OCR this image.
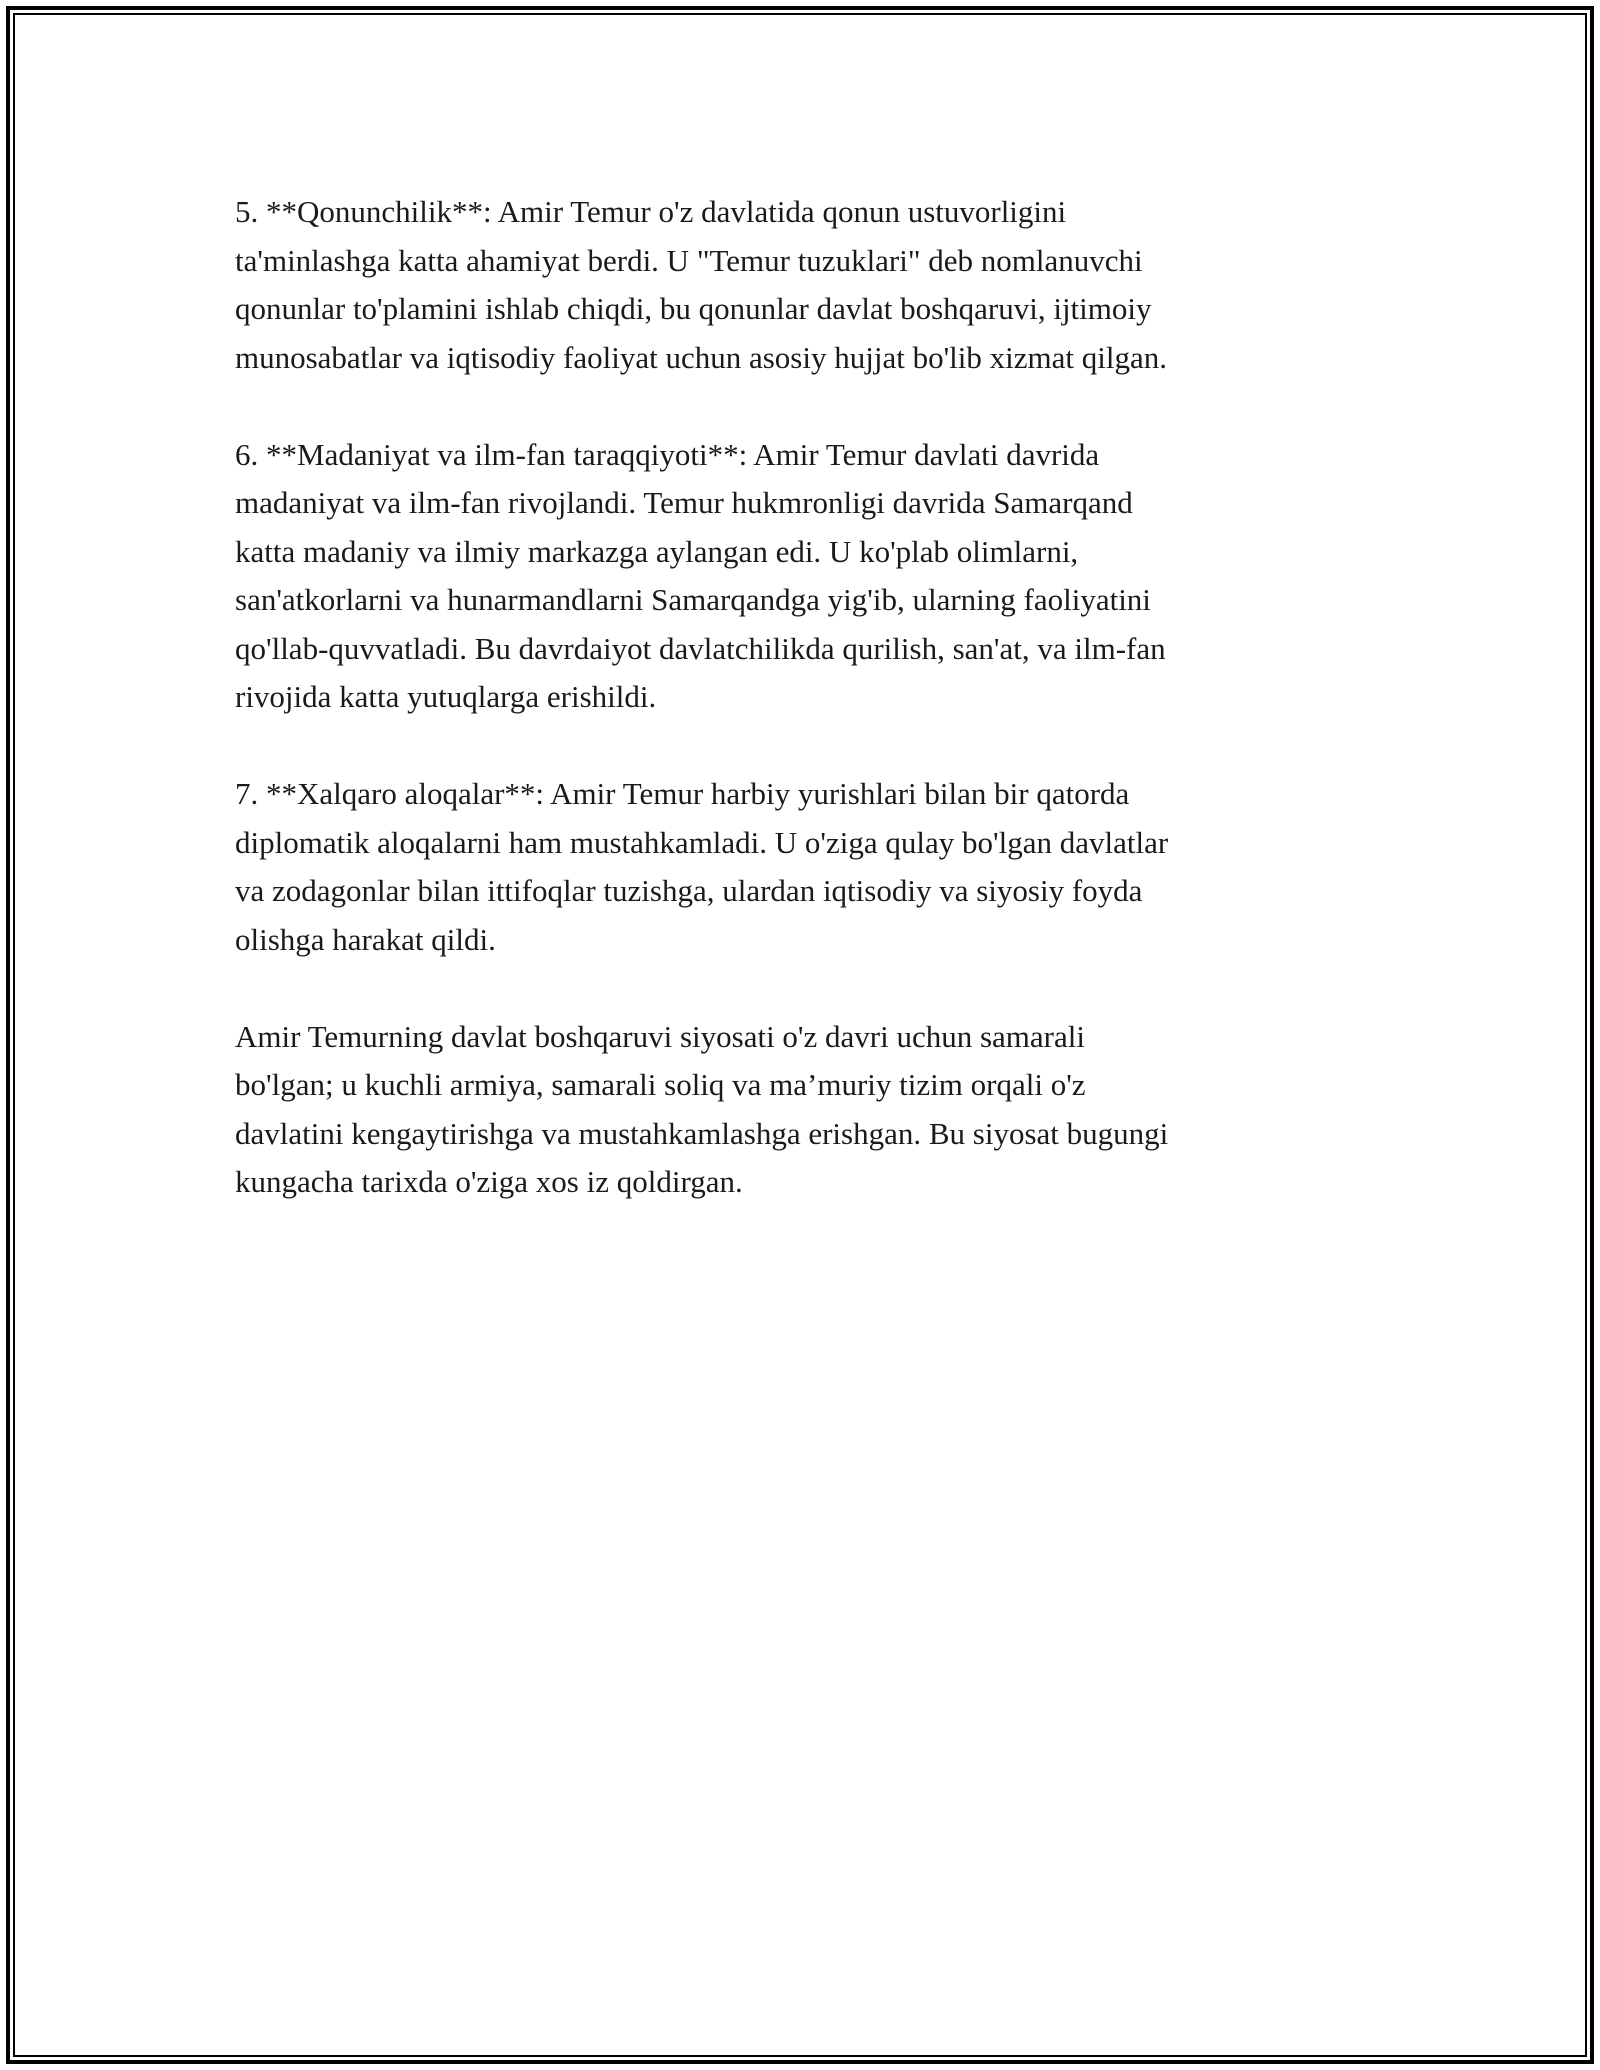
5. **Qonunchilik**: Amir Temur o'z davlatida qonun ustuvorligini
ta'minlashga katta ahamiyat berdi. U "Temur tuzuklari" deb nomlanuvchi
qonunlar to'plamini ishlab chiqdi, bu qonunlar davlat boshqaruvi, ijtimoiy
munosabatlar va iqtisodiy faoliyat uchun asosiy hujjat bo'lib xizmat qilgan.

6. **Madaniyat va ilm-fan taraqqiyoti**: Amir Temur davlati davrida
madaniyat va ilm-fan rivojlandi. Temur hukmronligi davrida Samarqand
katta madaniy va ilmiy markazga aylangan edi. U ko'plab olimlarni,
san'atkorlarni va hunarmandlarni Samarqandga yig'ib, ularning faoliyatini
qo'llab-quvvatladi. Bu davrdaiyot davlatchilikda qurilish, san'at, va ilm-fan
rivojida katta yutuqlarga erishildi.

7. **Xalqaro aloqalar**: Amir Temur harbiy yurishlari bilan bir qatorda
diplomatik aloqalarni ham mustahkamladi. U o'ziga qulay bo'lgan davlatlar
va zodagonlar bilan ittifoqlar tuzishga, ulardan iqtisodiy va siyosiy foyda
olishga harakat qildi.

Amir Temurning davlat boshqaruvi siyosati o'z davri uchun samarali
bo'lgan; u kuchli armiya, samarali soliq va ma’muriy tizim orqali o'z
davlatini kengaytirishga va mustahkamlashga erishgan. Bu siyosat bugungi
kungacha tarixda o'ziga xos iz qoldirgan.
